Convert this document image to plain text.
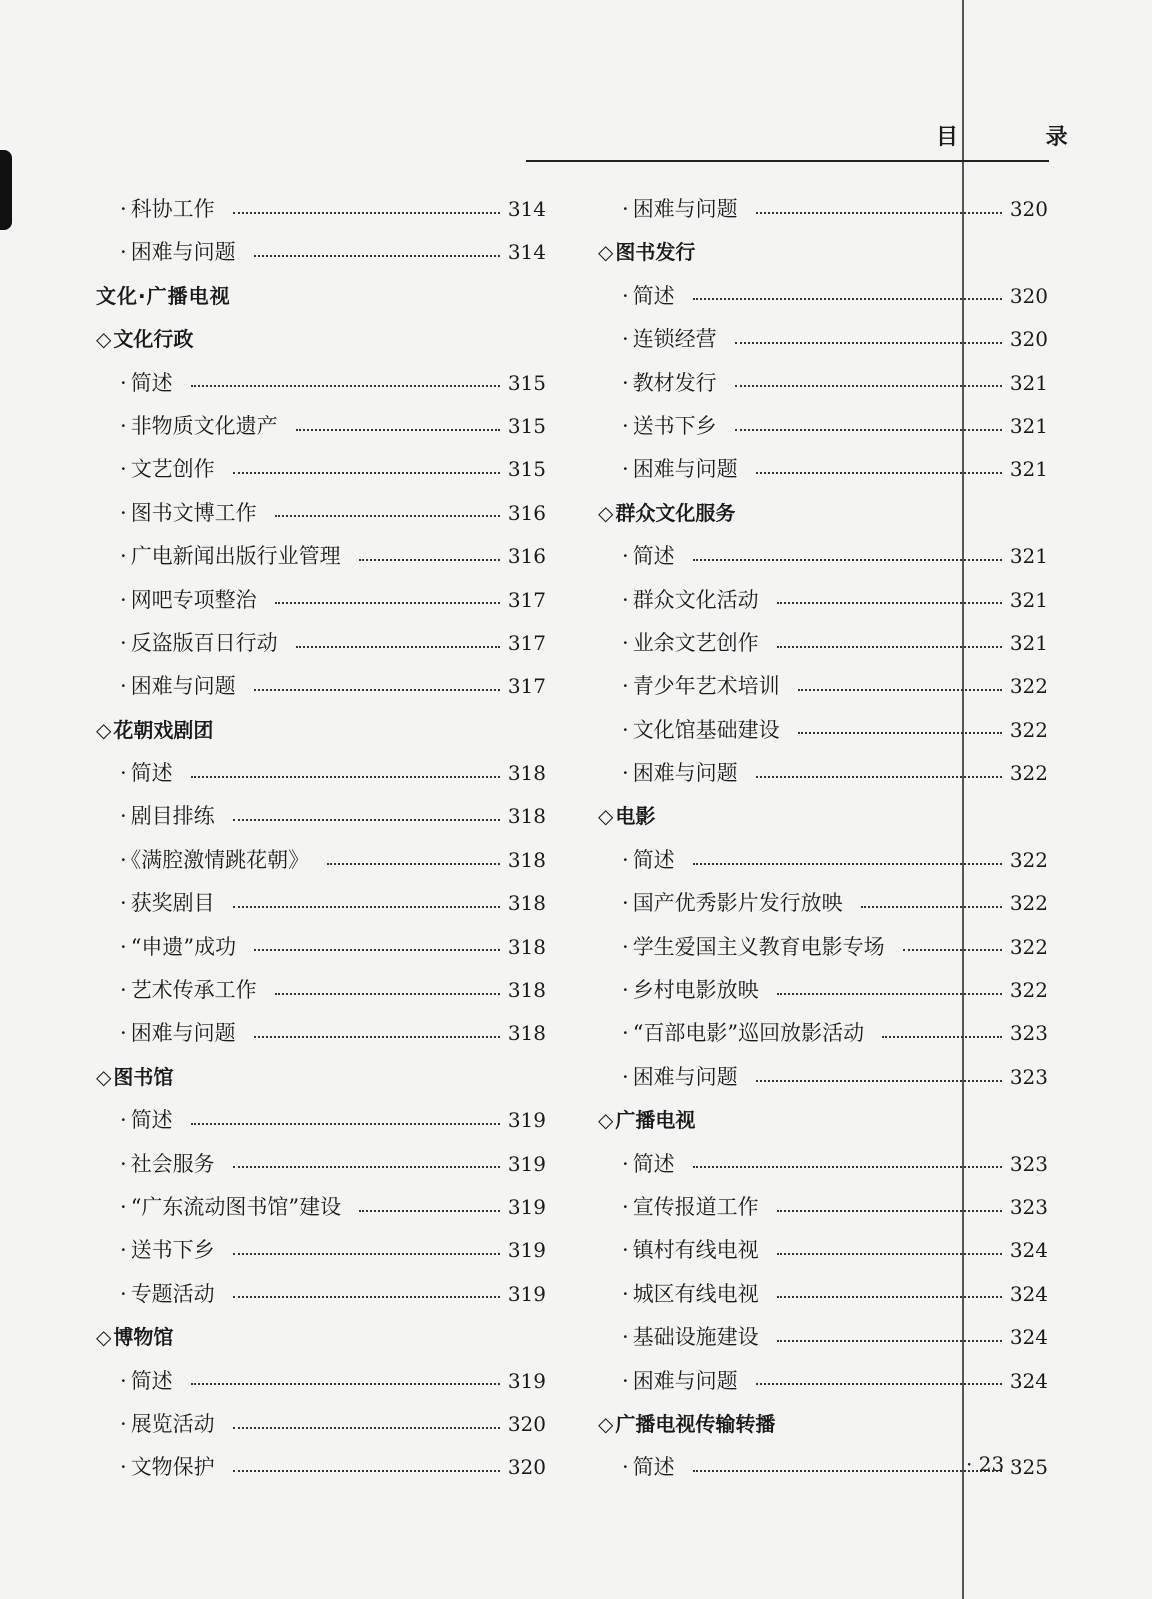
目 录
· 科协工作	314
· 困难与问题	314
文化·广播电视
◇ 文化行政
· 简述	315
· 非物质文化遗产	315
· 文艺创作	315
· 图书文博工作	316
· 广电新闻出版行业管理	316
· 网吧专项整治	317
· 反盗版百日行动	317
· 困难与问题	317
◇ 花朝戏剧团
· 简述	318
· 剧目排练	318
· 《满腔激情跳花朝》	318
· 获奖剧目	318
· “申遗”成功	318
· 艺术传承工作	318
· 困难与问题	318
◇ 图书馆
· 简述	319
· 社会服务	319
· “广东流动图书馆”建设	319
· 送书下乡	319
· 专题活动	319
◇ 博物馆
· 简述	319
· 展览活动	320
· 文物保护	320
· 困难与问题	320
◇ 图书发行
· 简述	320
· 连锁经营	320
· 教材发行	321
· 送书下乡	321
· 困难与问题	321
◇ 群众文化服务
· 简述	321
· 群众文化活动	321
· 业余文艺创作	321
· 青少年艺术培训	322
· 文化馆基础建设	322
· 困难与问题	322
◇ 电影
· 简述	322
· 国产优秀影片发行放映	322
· 学生爱国主义教育电影专场	322
· 乡村电影放映	322
· “百部电影”巡回放影活动	323
· 困难与问题	323
◇ 广播电视
· 简述	323
· 宣传报道工作	323
· 镇村有线电视	324
· 城区有线电视	324
· 基础设施建设	324
· 困难与问题	324
◇ 广播电视传输转播
· 简述	325
· 23 ·
